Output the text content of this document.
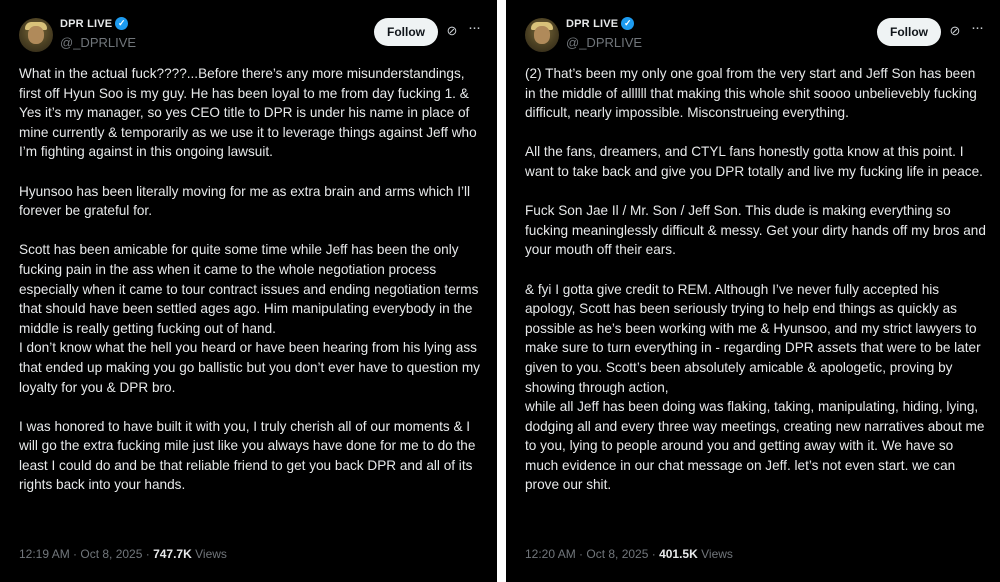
DPR LIVE ✓
@_DPRLIVE
Follow	⊘ ···

What in the actual fuck????...Before there’s any more misunderstandings, first off Hyun Soo is my guy. He has been loyal to me from day fucking 1. & Yes it’s my manager, so yes CEO title to DPR is under his name in place of mine currently & temporarily as we use it to leverage things against Jeff who I’m fighting against in this ongoing lawsuit.

Hyunsoo has been literally moving for me as extra brain and arms which I’ll forever be grateful for.

Scott has been amicable for quite some time while Jeff has been the only fucking pain in the ass when it came to the whole negotiation process especially when it came to tour contract issues and ending negotiation terms that should have been settled ages ago. Him manipulating everybody in the middle is really getting fucking out of hand.
I don’t know what the hell you heard or have been hearing from his lying ass that ended up making you go ballistic but you don’t ever have to question my loyalty for you & DPR bro.

I was honored to have built it with you, I truly cherish all of our moments & I will go the extra fucking mile just like you always have done for me to do the least I could do and be that reliable friend to get you back DPR and all of its rights back into your hands.

12:19 AM · Oct 8, 2025 · 747.7K Views
DPR LIVE ✓
@_DPRLIVE
Follow	⊘ ···

(2) That’s been my only one goal from the very start and Jeff Son has been in the middle of allllll that making this whole shit soooo unbelievebly fucking difficult, nearly impossible. Misconstrueing everything.

All the fans, dreamers, and CTYL fans honestly gotta know at this point. I want to take back and give you DPR totally and live my fucking life in peace.

Fuck Son Jae Il / Mr. Son / Jeff Son. This dude is making everything so fucking meaninglessly difficult & messy. Get your dirty hands off my bros and your mouth off their ears.

& fyi I gotta give credit to REM. Although I’ve never fully accepted his apology, Scott has been seriously trying to help end things as quickly as possible as he’s been working with me & Hyunsoo, and my strict lawyers to make sure to turn everything in - regarding DPR assets that were to be later given to you. Scott’s been absolutely amicable & apologetic, proving by showing through action,
while all Jeff has been doing was flaking, taking, manipulating, hiding, lying, dodging all and every three way meetings, creating new narratives about me to you, lying to people around you and getting away with it. We have so much evidence in our chat message on Jeff. let’s not even start. we can prove our shit.

12:20 AM · Oct 8, 2025 · 401.5K Views
